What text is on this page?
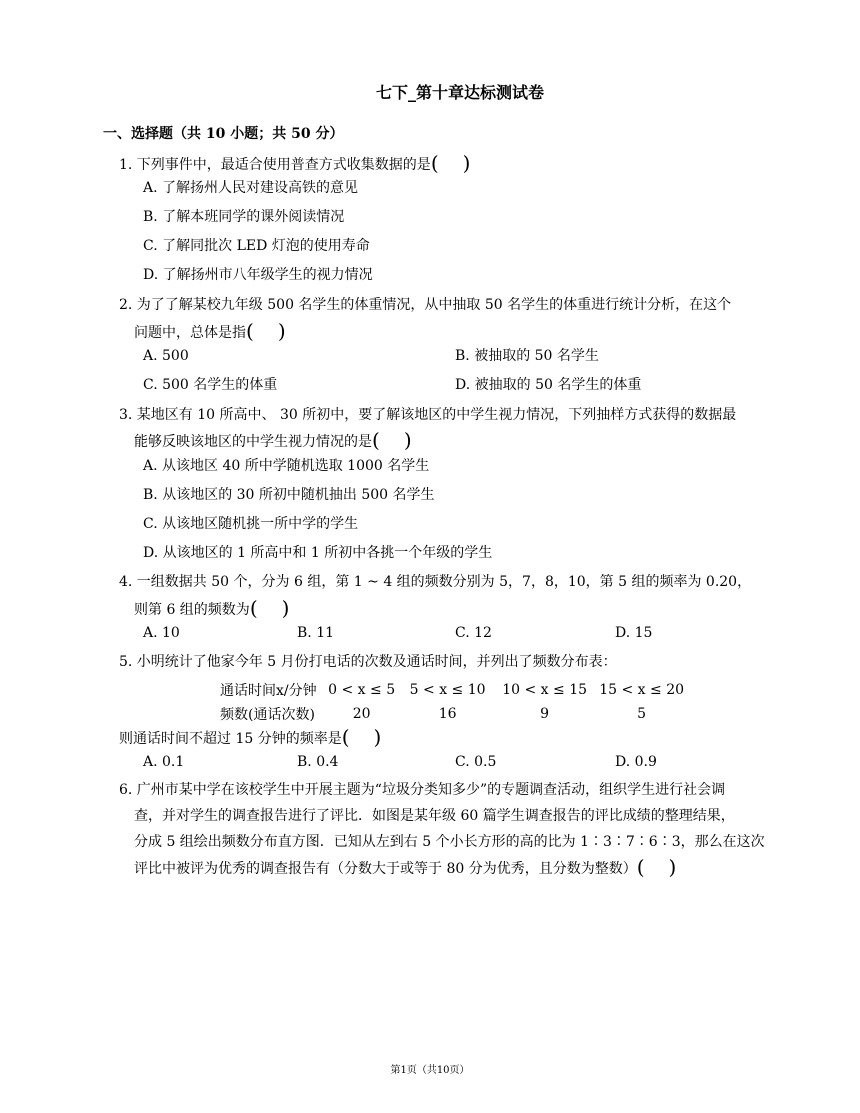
七下_第十章达标测试卷
一、选择题（共 10 小题；共 50 分）
1. 下列事件中，最适合使用普查方式收集数据的是( )
A. 了解扬州人民对建设高铁的意见
B. 了解本班同学的课外阅读情况
C. 了解同批次 LED 灯泡的使用寿命
D. 了解扬州市八年级学生的视力情况
2. 为了了解某校九年级 500 名学生的体重情况，从中抽取 50 名学生的体重进行统计分析，在这个
问题中，总体是指( )
A. 500	B. 被抽取的 50 名学生
C. 500 名学生的体重	D. 被抽取的 50 名学生的体重
3. 某地区有 10 所高中、 30 所初中，要了解该地区的中学生视力情况，下列抽样方式获得的数据最
能够反映该地区的中学生视力情况的是( )
A. 从该地区 40 所中学随机选取 1000 名学生
B. 从该地区的 30 所初中随机抽出 500 名学生
C. 从该地区随机挑一所中学的学生
D. 从该地区的 1 所高中和 1 所初中各挑一个年级的学生
4. 一组数据共 50 个，分为 6 组，第 1 ~ 4 组的频数分别为 5，7，8，10，第 5 组的频率为 0.20，
则第 6 组的频数为( )
A. 10	B. 11	C. 12	D. 15
5. 小明统计了他家今年 5 月份打电话的次数及通话时间，并列出了频数分布表：
通话时间x/分钟	0 < x ≤ 5	5 < x ≤ 10	10 < x ≤ 15	15 < x ≤ 20
频数(通话次数)	20	16	9	5
则通话时间不超过 15 分钟的频率是( )
A. 0.1	B. 0.4	C. 0.5	D. 0.9
6. 广州市某中学在该校学生中开展主题为“垃圾分类知多少”的专题调查活动，组织学生进行社会调
查，并对学生的调查报告进行了评比．如图是某年级 60 篇学生调查报告的评比成绩的整理结果，
分成 5 组绘出频数分布直方图．已知从左到右 5 个小长方形的高的比为 1∶3∶7∶6∶3，那么在这次
评比中被评为优秀的调查报告有（分数大于或等于 80 分为优秀，且分数为整数）( )
第1页（共10页）
